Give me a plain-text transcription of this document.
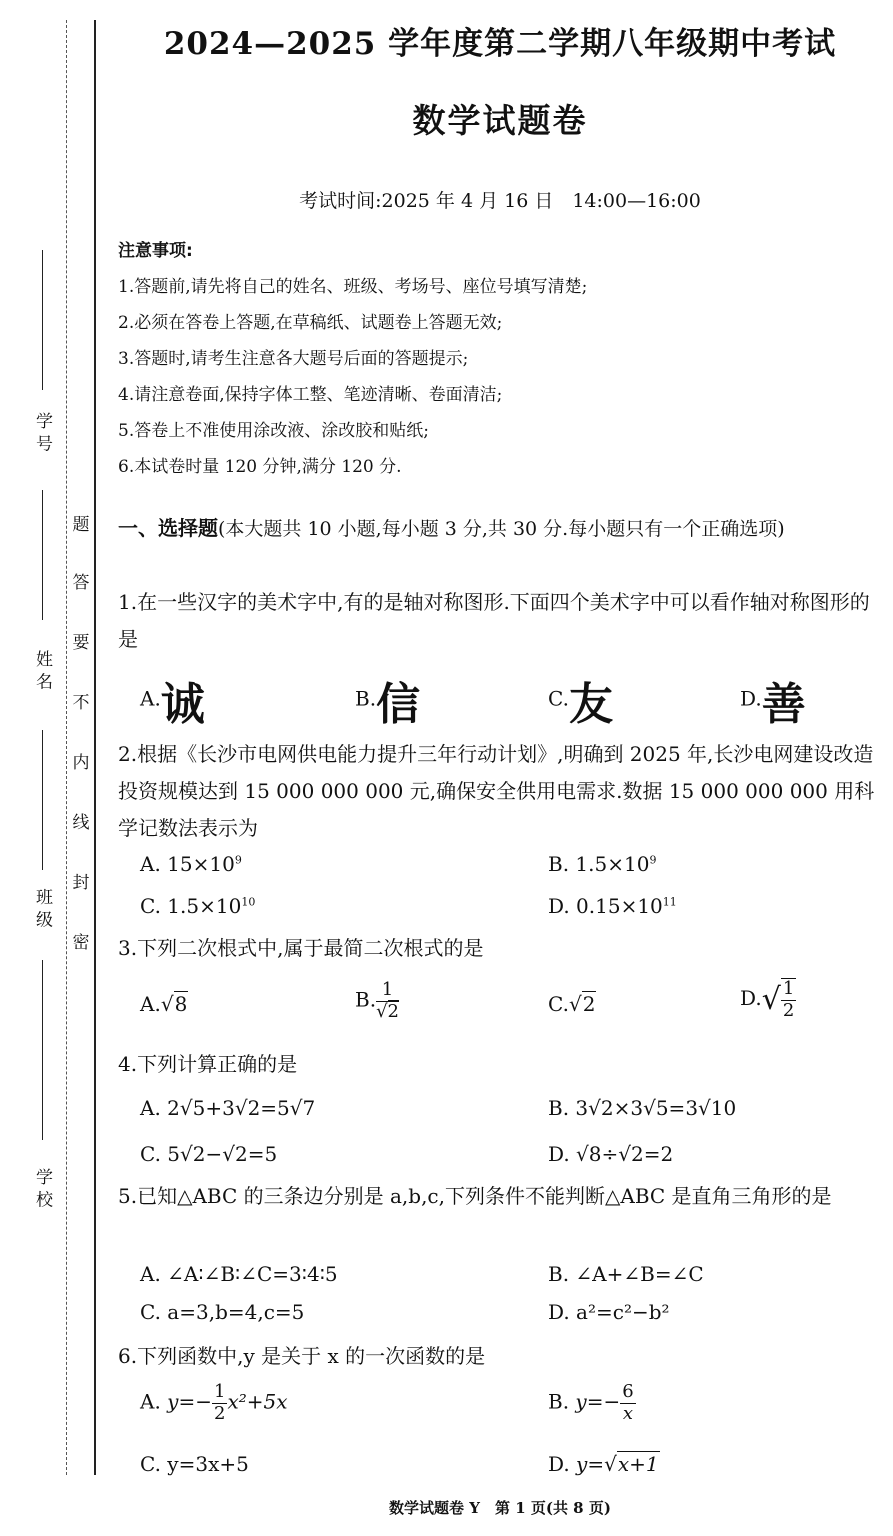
学 号
姓 名
班 级
学 校
题
答
要
不
内
线
封
密
2024—2025 学年度第二学期八年级期中考试
数学试题卷
考试时间:2025 年 4 月 16 日　14:00—16:00
注意事项:
1.答题前,请先将自己的姓名、班级、考场号、座位号填写清楚;
2.必须在答卷上答题,在草稿纸、试题卷上答题无效;
3.答题时,请考生注意各大题号后面的答题提示;
4.请注意卷面,保持字体工整、笔迹清晰、卷面清洁;
5.答卷上不准使用涂改液、涂改胶和贴纸;
6.本试卷时量 120 分钟,满分 120 分.
一、选择题(本大题共 10 小题,每小题 3 分,共 30 分.每小题只有一个正确选项)
1.在一些汉字的美术字中,有的是轴对称图形.下面四个美术字中可以看作轴对称图形的是
A.诚	B.信	C.友	D.善
2.根据《长沙市电网供电能力提升三年行动计划》,明确到 2025 年,长沙电网建设改造投资规模达到 15 000 000 000 元,确保安全供用电需求.数据 15 000 000 000 用科学记数法表示为
A. $15\times 10^9$	B. $1.5\times 10^9$
C. $1.5\times 10^{10}$	D. $0.15\times 10^{11}$
3.下列二次根式中,属于最简二次根式的是
A.√8	B. $\frac{1}{√2}$	C.√2	$D.√ \frac{1}{2}$
4.下列计算正确的是
A. 2√5+3√2=5√7	B. 3√2×3√5=3√10
C. 5√2−√2=5	D. √8÷√2=2
5.已知△ABC 的三条边分别是 a,b,c,下列条件不能判断△ABC 是直角三角形的是
A. ∠A∶∠B∶∠C=3∶4∶5	B. ∠A+∠B=∠C
C. a=3,b=4,c=5	D. a²=c²−b²
6.下列函数中,y 是关于 x 的一次函数的是
A. $y=- \frac{1}{2} x^2+5x$	B. $y=- \frac{6}{x}$
C. y=3x+5	D. y=√x+1
数学试题卷 Y　第 1 页(共 8 页)
